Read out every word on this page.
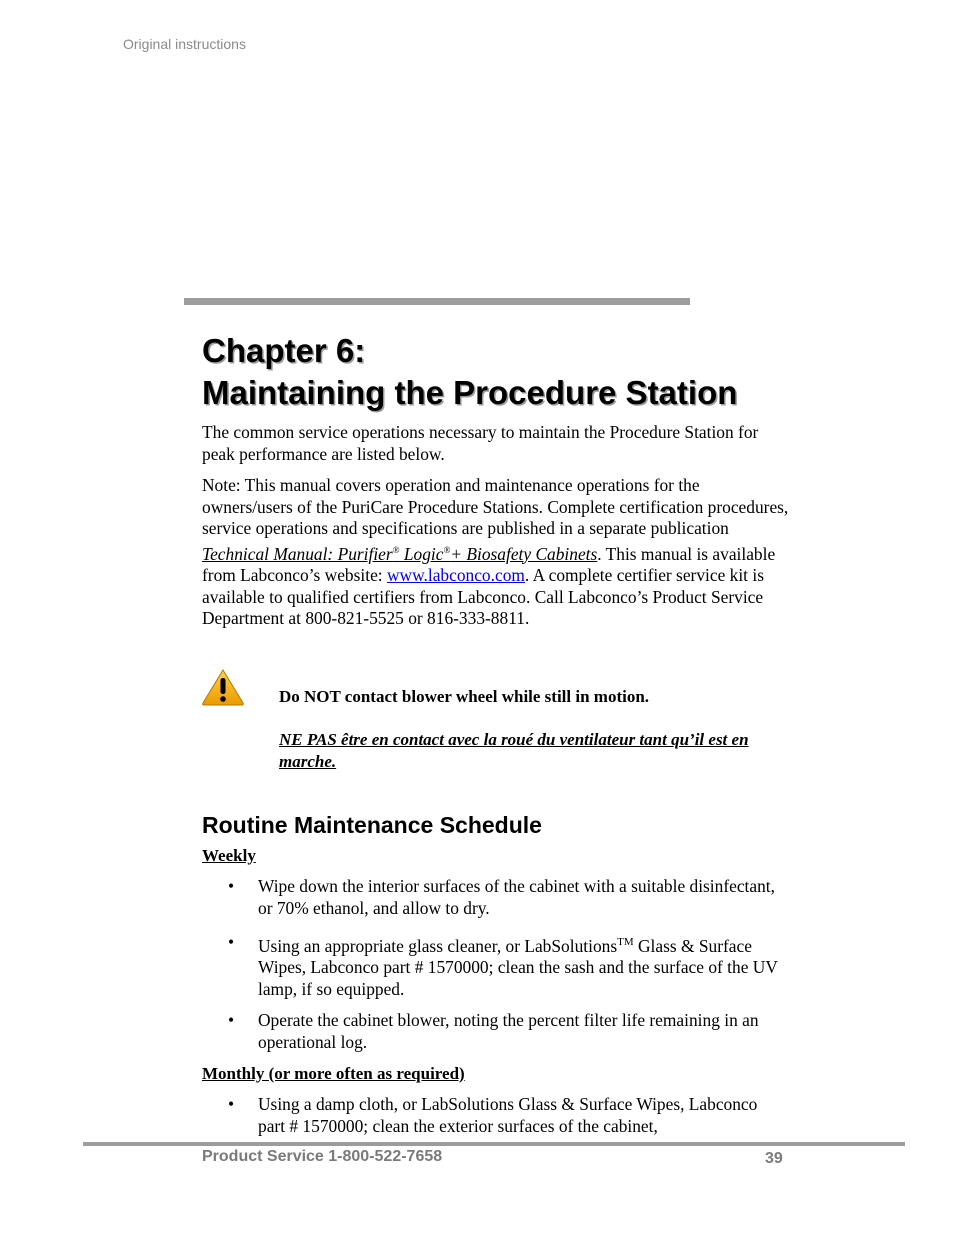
Original instructions
Chapter 6:
Maintaining the Procedure Station

The common service operations necessary to maintain the Procedure Station for peak performance are listed below.

Note: This manual covers operation and maintenance operations for the owners/users of the PuriCare Procedure Stations. Complete certification procedures, service operations and specifications are published in a separate publication Technical Manual: Purifier® Logic®+ Biosafety Cabinets. This manual is available from Labconco’s website: www.labconco.com. A complete certifier service kit is available to qualified certifiers from Labconco. Call Labconco’s Product Service Department at 800-821-5525 or 816-333-8811.

Do NOT contact blower wheel while still in motion.

NE PAS être en contact avec la roué du ventilateur tant qu’il est en marche.

Routine Maintenance Schedule

Weekly

•	Wipe down the interior surfaces of the cabinet with a suitable disinfectant, or 70% ethanol, and allow to dry.

•	Using an appropriate glass cleaner, or LabSolutions™ Glass & Surface Wipes, Labconco part # 1570000; clean the sash and the surface of the UV lamp, if so equipped.

•	Operate the cabinet blower, noting the percent filter life remaining in an operational log.

Monthly (or more often as required)

•	Using a damp cloth, or LabSolutions Glass & Surface Wipes, Labconco part # 1570000; clean the exterior surfaces of the cabinet,

Product Service 1-800-522-7658	39
